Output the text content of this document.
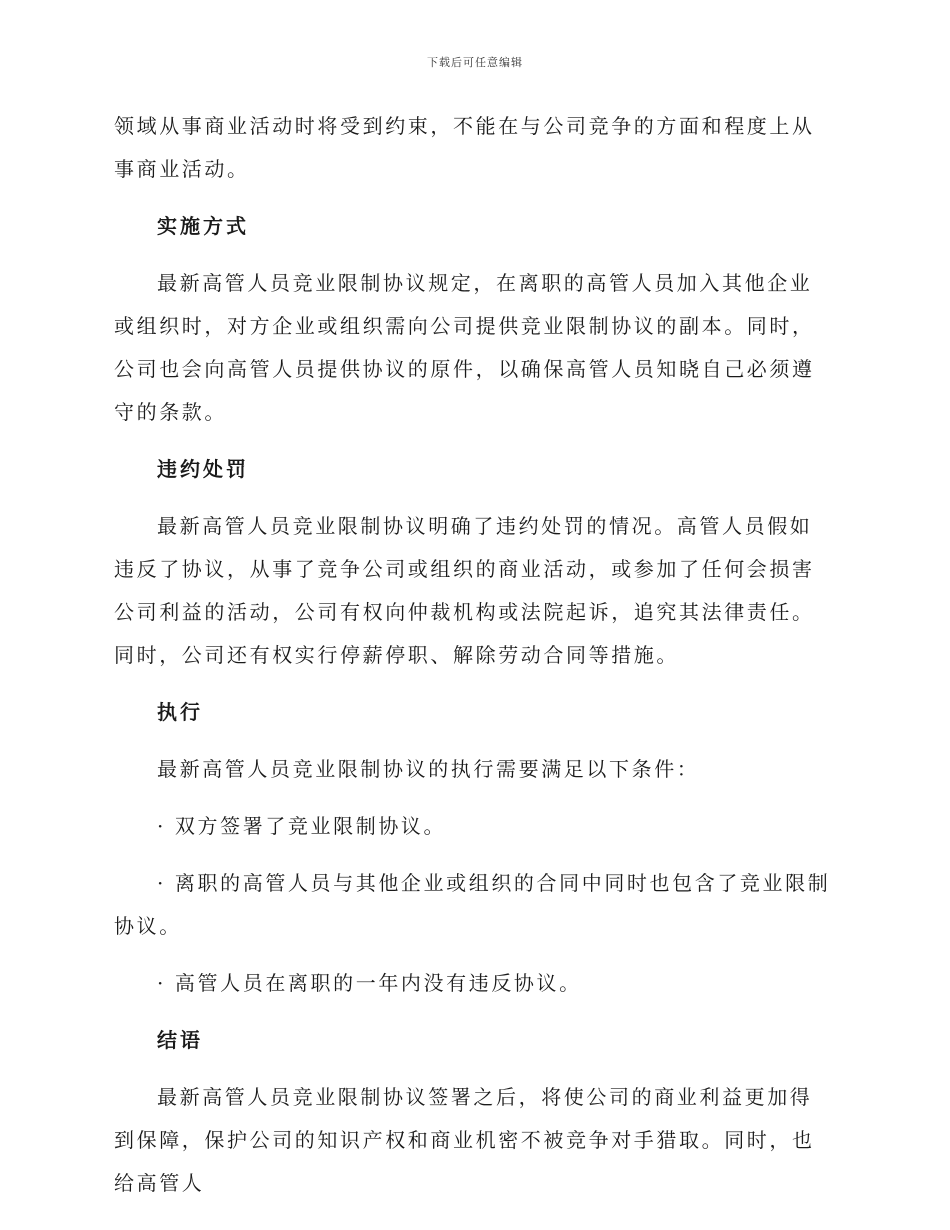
下载后可任意编辑

领域从事商业活动时将受到约束，不能在与公司竞争的方面和程度上从事商业活动。

实施方式

最新高管人员竞业限制协议规定，在离职的高管人员加入其他企业或组织时，对方企业或组织需向公司提供竞业限制协议的副本。同时，公司也会向高管人员提供协议的原件，以确保高管人员知晓自己必须遵守的条款。

违约处罚

最新高管人员竞业限制协议明确了违约处罚的情况。高管人员假如违反了协议，从事了竞争公司或组织的商业活动，或参加了任何会损害公司利益的活动，公司有权向仲裁机构或法院起诉，追究其法律责任。同时，公司还有权实行停薪停职、解除劳动合同等措施。

执行

最新高管人员竞业限制协议的执行需要满足以下条件：

· 双方签署了竞业限制协议。

· 离职的高管人员与其他企业或组织的合同中同时也包含了竞业限制协议。

· 高管人员在离职的一年内没有违反协议。

结语

最新高管人员竞业限制协议签署之后，将使公司的商业利益更加得到保障，保护公司的知识产权和商业机密不被竞争对手猎取。同时，也给高管人
